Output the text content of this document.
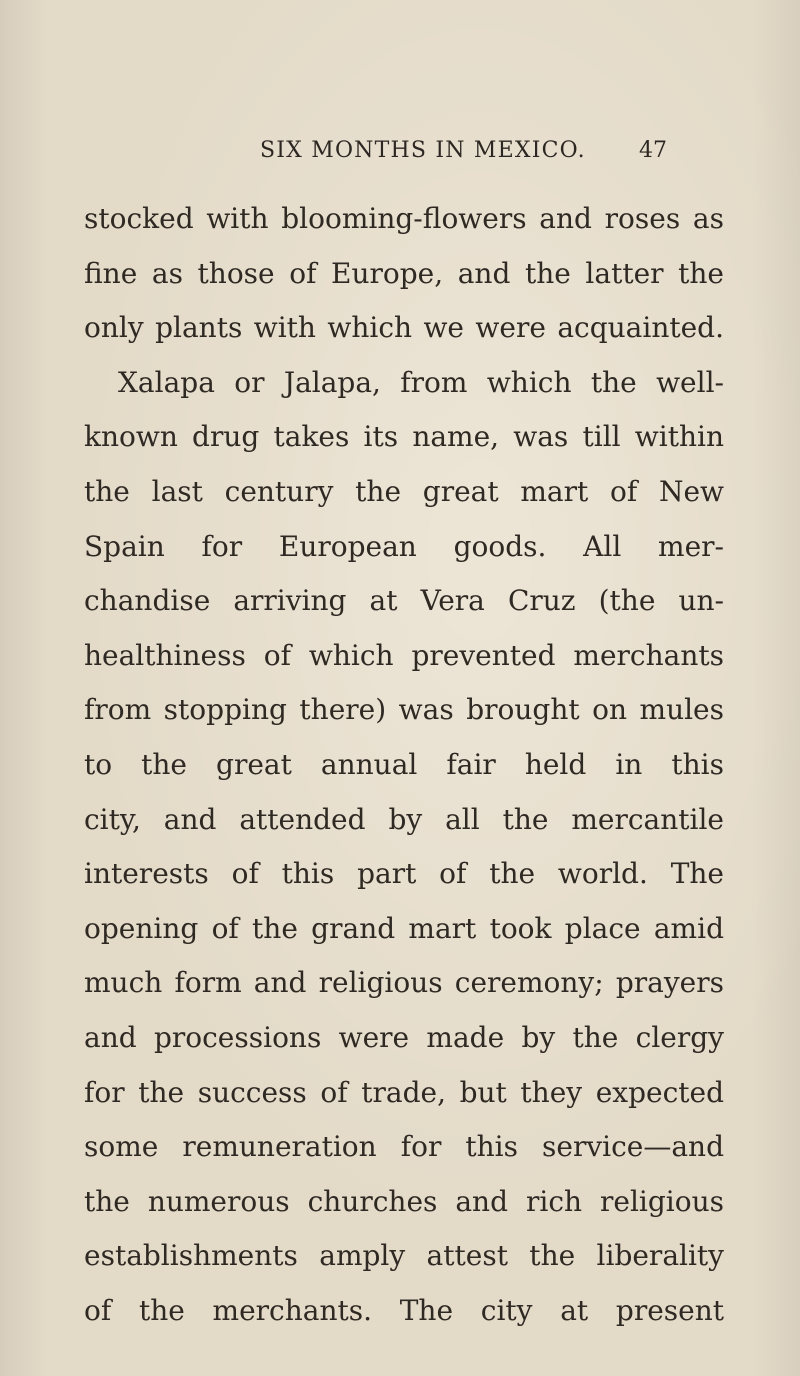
SIX MONTHS IN MEXICO. 47
stocked with blooming-flowers and roses as
fine as those of Europe, and the latter the
only plants with which we were acquainted.
Xalapa or Jalapa, from which the well-
known drug takes its name, was till within
the last century the great mart of New
Spain for European goods. All mer-
chandise arriving at Vera Cruz (the un-
healthiness of which prevented merchants
from stopping there) was brought on mules
to the great annual fair held in this
city, and attended by all the mercantile
interests of this part of the world. The
opening of the grand mart took place amid
much form and religious ceremony; prayers
and processions were made by the clergy
for the success of trade, but they expected
some remuneration for this service—and
the numerous churches and rich religious
establishments amply attest the liberality
of the merchants. The city at present
